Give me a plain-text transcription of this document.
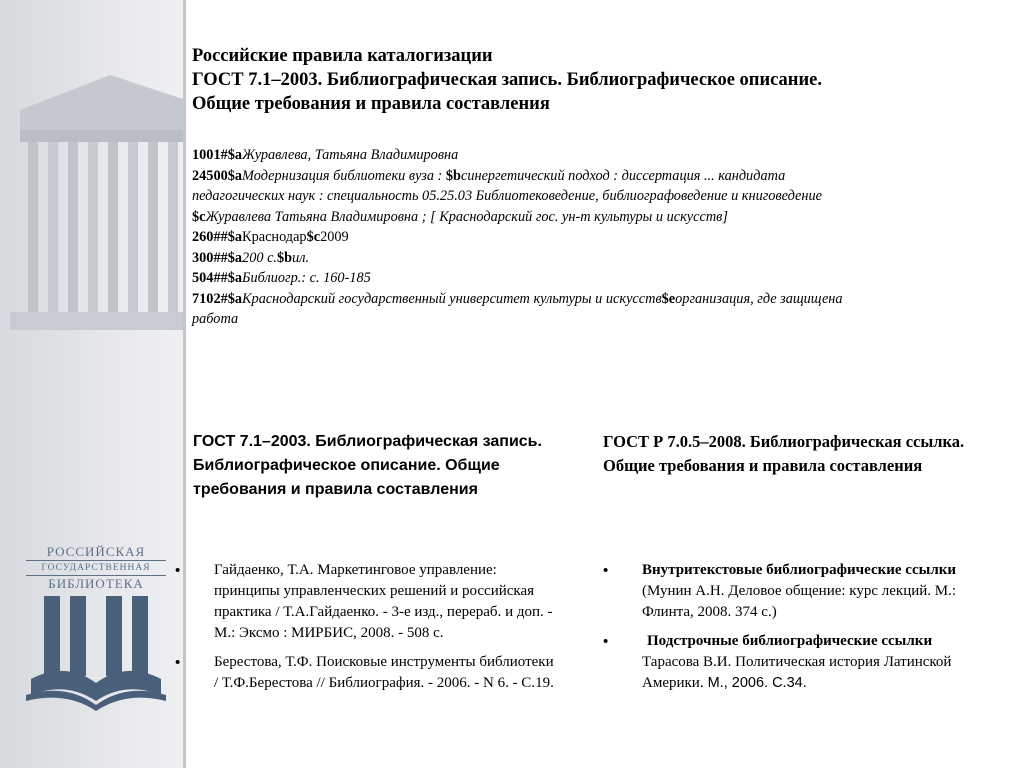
РОССИЙСКАЯ
ГОСУДАРСТВЕННАЯ
БИБЛИОТЕКА
Российские правила каталогизации
ГОСТ 7.1–2003. Библиографическая запись. Библиографическое описание.
Общие требования и правила составления
1001#$aЖуравлева, Татьяна Владимировна
24500$aМодернизация библиотеки вуза : $bсинергетический подход : диссертация ... кандидата
педагогических наук : специальность 05.25.03 Библиотековедение, библиографоведение и книговедение
$cЖуравлева Татьяна Владимировна ; [ Краснодарский гос. ун-т культуры и искусств]
260##$aКраснодар$c2009
300##$a200 с.$bил.
504##$aБиблиогр.: с. 160-185
7102#$aКраснодарский государственный университет культуры и искусств$eорганизация, где защищена
работа
ГОСТ 7.1–2003. Библиографическая запись. Библиографическое описание. Общие требования и правила составления
• Гайдаенко, Т.А. Маркетинговое управление: принципы управленческих решений и российская практика / Т.А.Гайдаенко. - 3-е изд., перераб. и доп. - М.: Эксмо : МИРБИС, 2008. - 508 с.
• Берестова, Т.Ф. Поисковые инструменты библиотеки / Т.Ф.Берестова // Библиография. - 2006. - N 6. - С.19.
ГОСТ Р 7.0.5–2008. Библиографическая ссылка. Общие требования и правила составления
• Внутритекстовые библиографические ссылки (Мунин А.Н. Деловое общение: курс лекций. М.: Флинта, 2008. 374 с.)
•	Подстрочные библиографические ссылки
Тарасова В.И. Политическая история Латинской Америки. М., 2006. С.34.
